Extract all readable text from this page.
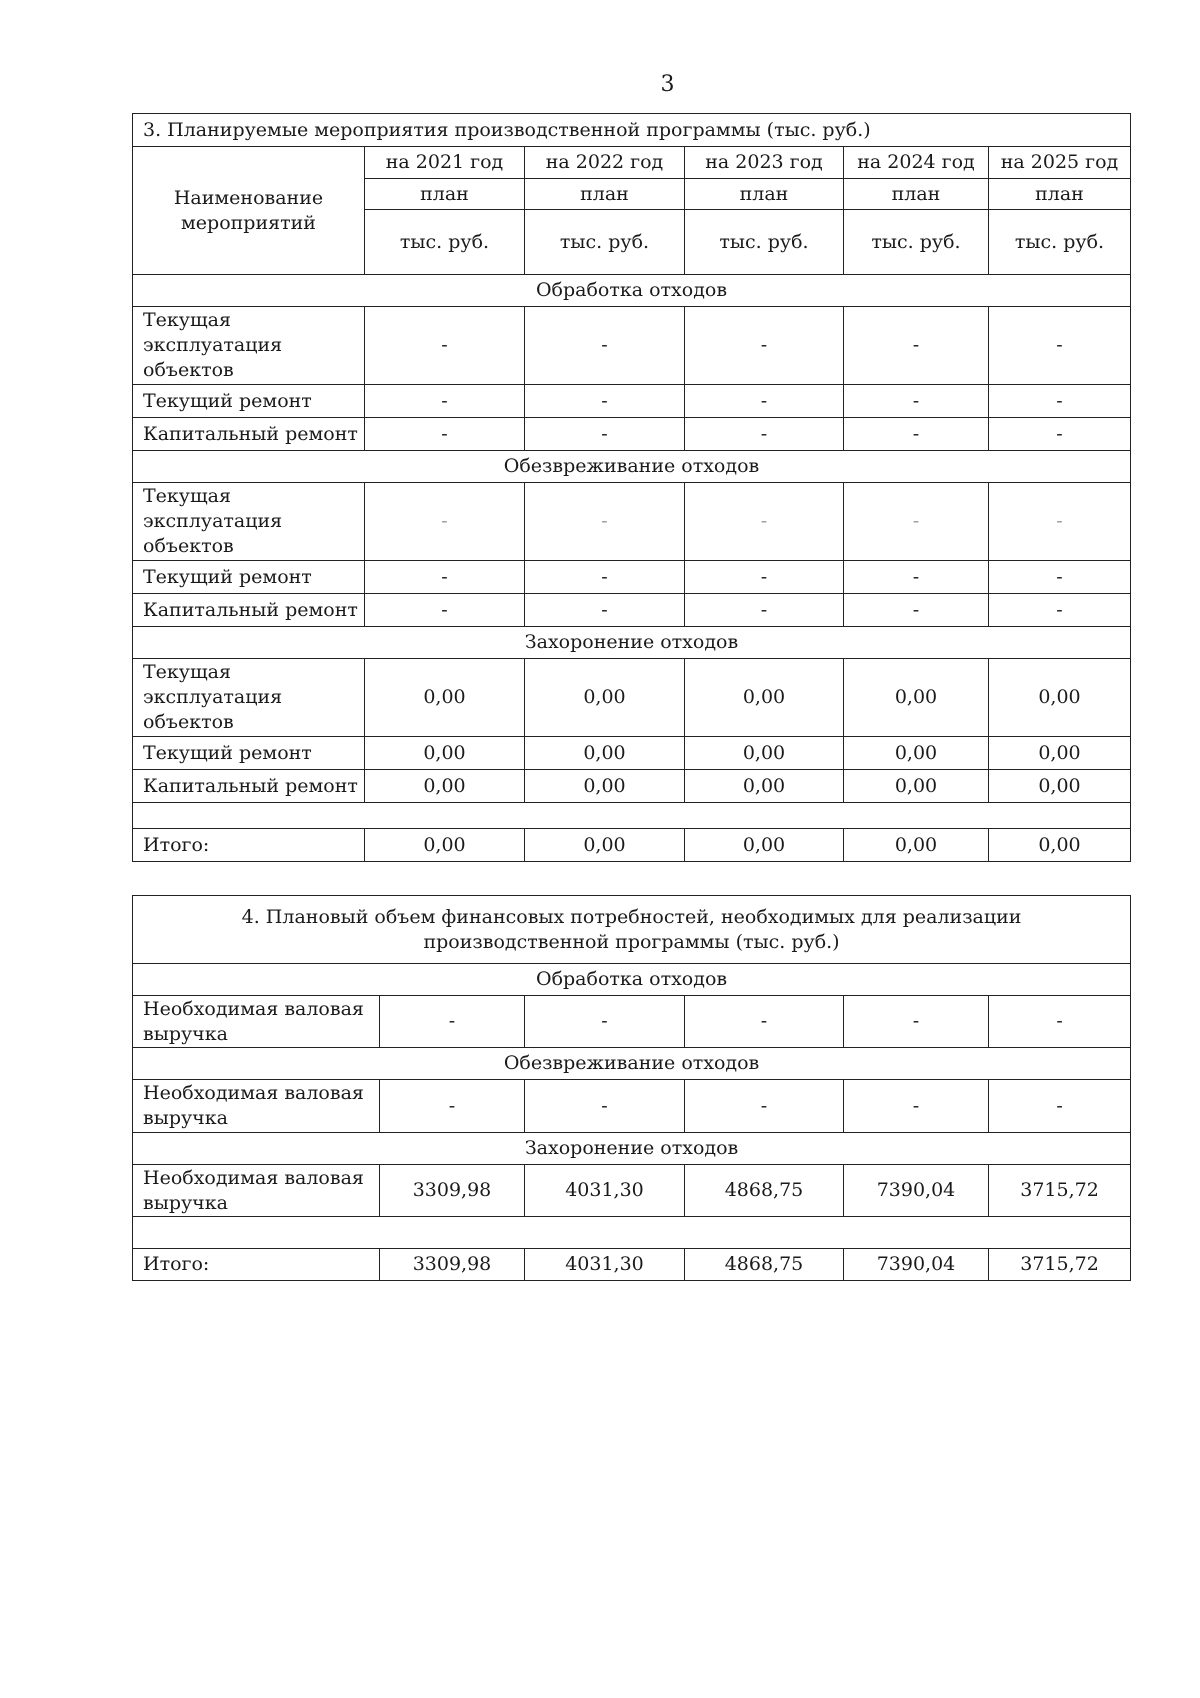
3
3. Планируемые мероприятия производственной программы (тыс. руб.)					
Наименование мероприятий	на 2021 год	на 2022 год	на 2023 год	на 2024 год	на 2025 год
	план	план	план	план	план
	тыс. руб.	тыс. руб.	тыс. руб.	тыс. руб.	тыс. руб.
Обработка отходов					
Текущая эксплуатация объектов	-	-	-	-	-
Текущий ремонт	-	-	-	-	-
Капитальный ремонт	-	-	-	-	-
Обезвреживание отходов					
Текущая эксплуатация объектов	-	-	-	-	-
Текущий ремонт	-	-	-	-	-
Капитальный ремонт	-	-	-	-	-
Захоронение отходов					
Текущая эксплуатация объектов	0,00	0,00	0,00	0,00	0,00
Текущий ремонт	0,00	0,00	0,00	0,00	0,00
Капитальный ремонт	0,00	0,00	0,00	0,00	0,00

Итого:	0,00	0,00	0,00	0,00	0,00
4. Плановый объем финансовых потребностей, необходимых для реализации производственной программы (тыс. руб.)					
Обработка отходов					
Необходимая валовая выручка	-	-	-	-	-
Обезвреживание отходов					
Необходимая валовая выручка	-	-	-	-	-
Захоронение отходов					
Необходимая валовая выручка	3309,98	4031,30	4868,75	7390,04	3715,72

Итого:	3309,98	4031,30	4868,75	7390,04	3715,72
